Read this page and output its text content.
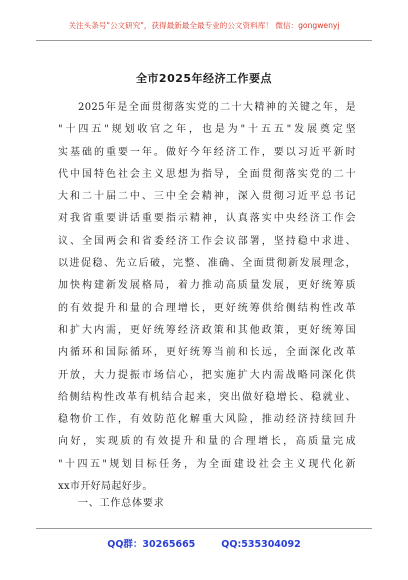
关注头条号"公文研究"，获得最新最全最专业的公文资料库！ 微信：gongwenyj
全市2025年经济工作要点
2025年是全面贯彻落实党的二十大精神的关键之年，是
"十四五"规划收官之年，也是为"十五五"发展奠定坚
实基础的重要一年。做好今年经济工作，要以习近平新时
代中国特色社会主义思想为指导，全面贯彻落实党的二十
大和二十届二中、三中全会精神，深入贯彻习近平总书记
对我省重要讲话重要指示精神，认真落实中央经济工作会
议、全国两会和省委经济工作会议部署，坚持稳中求进、
以进促稳、先立后破，完整、准确、全面贯彻新发展理念，
加快构建新发展格局，着力推动高质量发展，更好统筹质
的有效提升和量的合理增长，更好统筹供给侧结构性改革
和扩大内需，更好统筹经济政策和其他政策，更好统筹国
内循环和国际循环，更好统筹当前和长远，全面深化改革
开放，大力提振市场信心，把实施扩大内需战略同深化供
给侧结构性改革有机结合起来，突出做好稳增长、稳就业、
稳物价工作，有效防范化解重大风险，推动经济持续回升
向好，实现质的有效提升和量的合理增长，高质量完成
"十四五"规划目标任务，为全面建设社会主义现代化新
xx市开好局起好步。
一、工作总体要求
QQ群：30265665	QQ:535304092
